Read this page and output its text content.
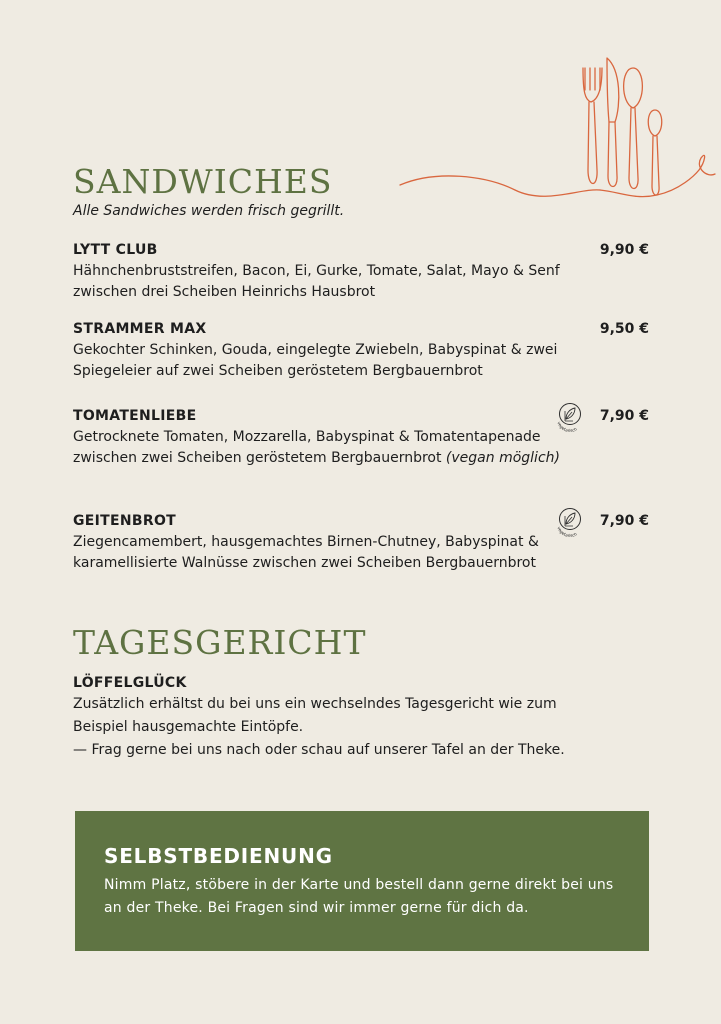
SANDWICHES

Alle Sandwiches werden frisch gegrillt.

LYTT CLUB
Hähnchenbruststreifen, Bacon, Ei, Gurke, Tomate, Salat, Mayo & Senf zwischen drei Scheiben Heinrichs Hausbrot
9,90 €
STRAMMER MAX
Gekochter Schinken, Gouda, eingelegte Zwiebeln, Babyspinat & zwei Spiegeleier auf zwei Scheiben geröstetem Bergbauernbrot
9,50 €
TOMATENLIEBE
Getrocknete Tomaten, Mozzarella, Babyspinat & Tomatentapenade zwischen zwei Scheiben geröstetem Bergbauernbrot (vegan möglich)
vegetarisch
7,90 €
GEITENBROT
Ziegencamembert, hausgemachtes Birnen-Chutney, Babyspinat & karamellisierte Walnüsse zwischen zwei Scheiben Bergbauernbrot
vegetarisch
7,90 €
TAGESGERICHT
LÖFFELGLÜCK
Zusätzlich erhältst du bei uns ein wechselndes Tagesgericht wie zum
Beispiel hausgemachte Eintöpfe.
— Frag gerne bei uns nach oder schau auf unserer Tafel an der Theke.
SELBSTBEDIENUNG
Nimm Platz, stöbere in der Karte und bestell dann gerne direkt bei uns an der Theke. Bei Fragen sind wir immer gerne für dich da.
